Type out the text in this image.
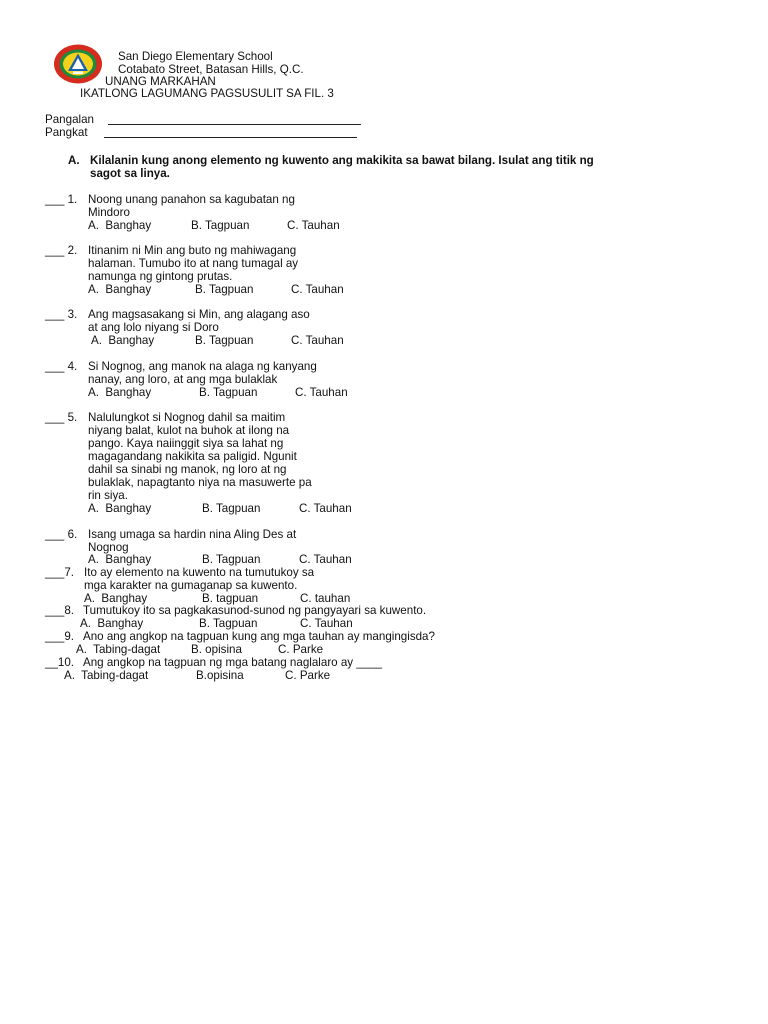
San Diego Elementary School
Cotabato Street, Batasan Hills, Q.C.
UNANG MARKAHAN
IKATLONG LAGUMANG PAGSUSULIT SA FIL. 3
Pangalan
Pangkat
A. Kilalanin kung anong elemento ng kuwento ang makikita sa bawat bilang. Isulat ang titik ng
sagot sa linya.
___ 1. Noong unang panahon sa kagubatan ng
Mindoro
A.  Banghay	B. Tagpuan	C. Tauhan
___ 2. Itinanim ni Min ang buto ng mahiwagang
halaman. Tumubo ito at nang tumagal ay
namunga ng gintong prutas.
A.  Banghay	B. Tagpuan	C. Tauhan
___ 3. Ang magsasakang si Min, ang alagang aso
at ang lolo niyang si Doro
A.  Banghay	B. Tagpuan	C. Tauhan
___ 4. Si Nognog, ang manok na alaga ng kanyang
nanay, ang loro, at ang mga bulaklak
A.  Banghay	B. Tagpuan	C. Tauhan
___ 5. Nalulungkot si Nognog dahil sa maitim
niyang balat, kulot na buhok at ilong na
pango. Kaya naiinggit siya sa lahat ng
magagandang nakikita sa paligid. Ngunit
dahil sa sinabi ng manok, ng loro at ng
bulaklak, napagtanto niya na masuwerte pa
rin siya.
A.  Banghay	B. Tagpuan	C. Tauhan
___ 6. Isang umaga sa hardin nina Aling Des at
Nognog
A.  Banghay	B. Tagpuan	C. Tauhan
___7. Ito ay elemento na kuwento na tumutukoy sa
mga karakter na gumaganap sa kuwento.
A.  Banghay	B. tagpuan	C. tauhan
___8. Tumutukoy ito sa pagkakasunod-sunod ng pangyayari sa kuwento.
A.  Banghay	B. Tagpuan	C. Tauhan
___9. Ano ang angkop na tagpuan kung ang mga tauhan ay mangingisda?
A.  Tabing-dagat	B. opisina	C. Parke
__10. Ang angkop na tagpuan ng mga batang naglalaro ay ____
A.  Tabing-dagat	B.opisina	C. Parke
